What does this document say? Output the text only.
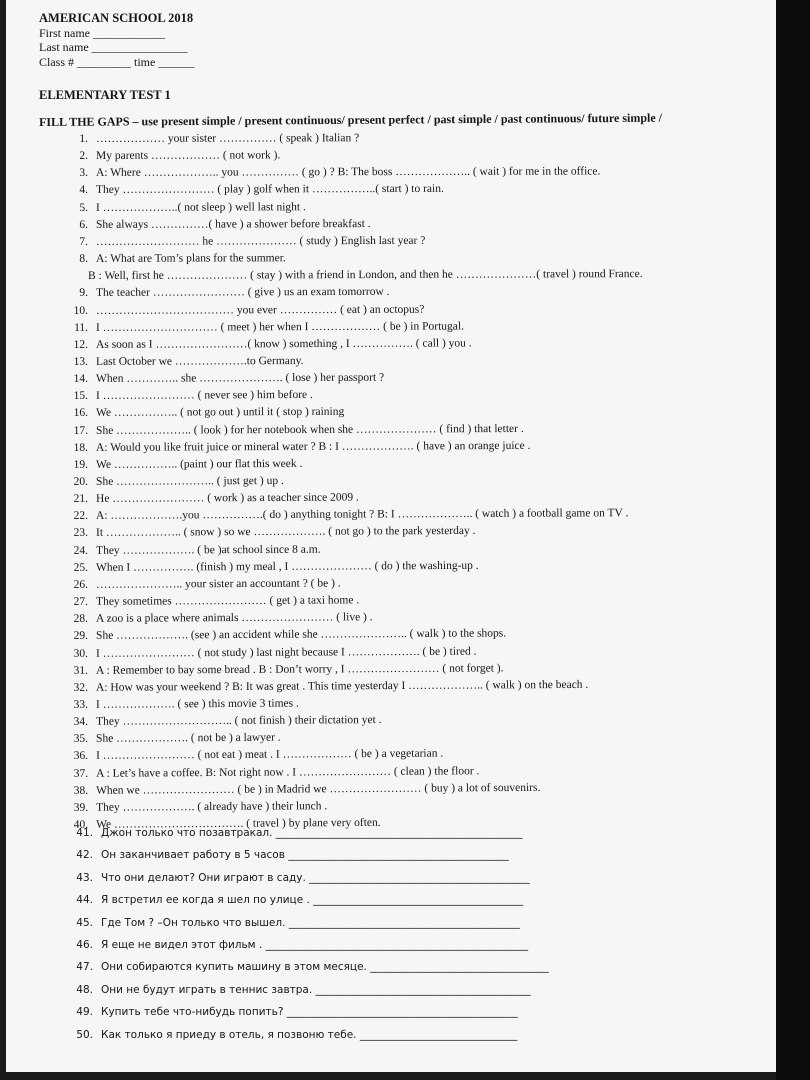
AMERICAN SCHOOL 2018
First name ____________
Last name ________________
Class # _________ time ______
ELEMENTARY TEST 1
FILL THE GAPS – use present simple / present continuous/ present perfect / past simple / past continuous/ future simple /
1. ……………… your sister …………… ( speak ) Italian ?
2. My parents ……………… ( not work ).
3. A: Where ……………….. you …………… ( go ) ? B: The boss ……………….. ( wait ) for me in the office.
4. They …………………… ( play ) golf when it ……………..( start ) to rain.
5. I ………………..( not sleep ) well last night .
6. She always ……………( have ) a shower before breakfast .
7. ……………………… he ………………… ( study ) English last year ?
8. A: What are Tom’s plans for the summer.
B : Well, first he ………………… ( stay ) with a friend in London, and then he …………………( travel ) round France.
9. The teacher …………………… ( give ) us an exam tomorrow .
10. ……………………………… you ever …………… ( eat ) an octopus?
11. I ………………………… ( meet ) her when I ……………… ( be ) in Portugal.
12. As soon as I ……………………( know ) something , I ……………. ( call ) you .
13. Last October we ……………….to Germany.
14. When ………….. she …………………. ( lose ) her passport ?
15. I …………………… ( never see ) him before .
16. We …………….. ( not go out ) until it ( stop ) raining
17. She ……………….. ( look ) for her notebook when she ………………… ( find ) that letter .
18. A: Would you like fruit juice or mineral water ? B : I ………………. ( have ) an orange juice .
19. We …………….. (paint ) our flat this week .
20. She …………………….. ( just get ) up .
21. He …………………… ( work ) as a teacher since 2009 .
22. A: ……………….you …………….( do ) anything tonight ? B: I ……………….. ( watch ) a football game on TV .
23. It ……………….. ( snow ) so we ………………. ( not go ) to the park yesterday .
24. They ………………. ( be )at school since 8 a.m.
25. When I ……………. (finish ) my meal , I ………………… ( do ) the washing-up .
26. ………………….. your sister an accountant ? ( be ) .
27. They sometimes …………………… ( get ) a taxi home .
28. A zoo is a place where animals …………………… ( live ) .
29. She ………………. (see ) an accident while she ………………….. ( walk ) to the shops.
30. I …………………… ( not study ) last night because I ………………. ( be ) tired .
31. A : Remember to bay some bread . B : Don’t worry , I …………………… ( not forget ).
32. A: How was your weekend ? B: It was great . This time yesterday I ……………….. ( walk ) on the beach .
33. I ………………. ( see ) this movie 3 times .
34. They ……………………….. ( not finish ) their dictation yet .
35. She ………………. ( not be ) a lawyer .
36. I …………………… ( not eat ) meat . I ……………… ( be ) a vegetarian .
37. A : Let’s have a coffee. B: Not right now . I …………………… ( clean ) the floor .
38. When we …………………… ( be ) in Madrid we …………………… ( buy ) a lot of souvenirs.
39. They ………………. ( already have ) their lunch .
40. We ……………………………. ( travel ) by plane very often.
41. Джон только что позавтракал. _______________________________________________
42. Он заканчивает работу в 5 часов __________________________________________
43. Что они делают? Они играют в саду. __________________________________________
44. Я встретил ее когда я шел по улице . ________________________________________
45. Где Том ? –Он только что вышел. ____________________________________________
46. Я еще не видел этот фильм . __________________________________________________
47. Они собираются купить машину в этом месяце. __________________________________
48. Они не будут играть в теннис завтра. _________________________________________
49. Купить тебе что-нибудь попить? ____________________________________________
50. Как только я приеду в отель, я позвоню тебе. ______________________________
